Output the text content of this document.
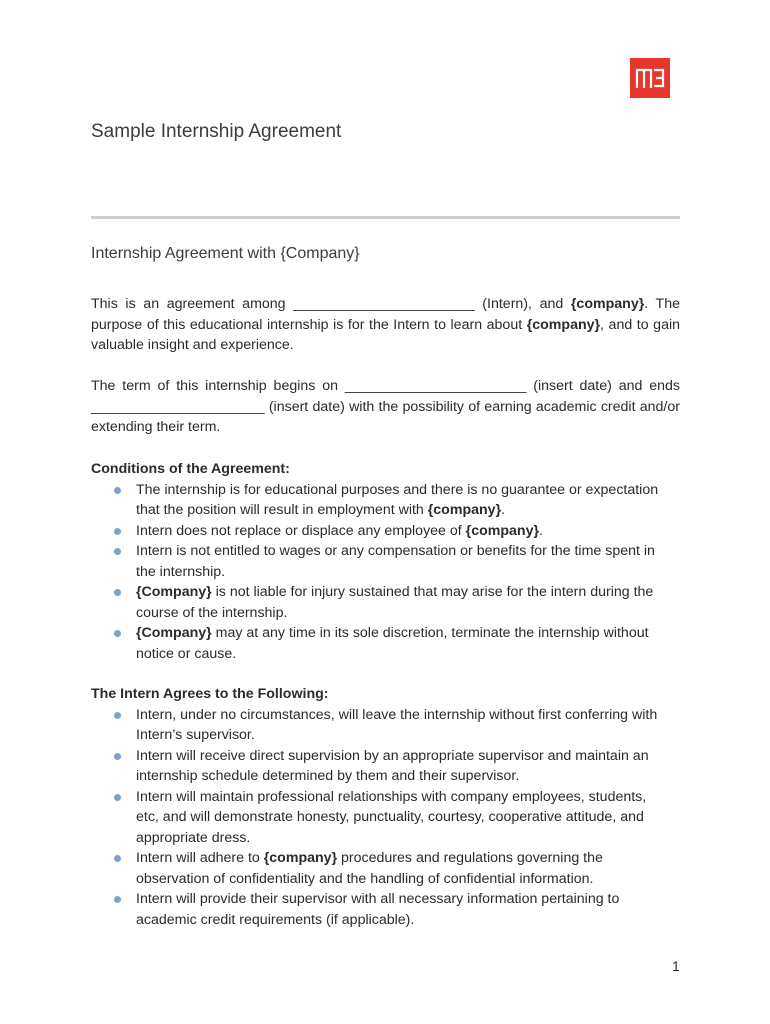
Sample Internship Agreement
Internship Agreement with {Company}

This is an agreement among _______________________ (Intern), and {company}. The purpose of this educational internship is for the Intern to learn about {company}, and to gain valuable insight and experience.

The term of this internship begins on _______________________ (insert date) and ends ______________________ (insert date) with the possibility of earning academic credit and/or extending their term.

Conditions of the Agreement:

The internship is for educational purposes and there is no guarantee or expectation that the position will result in employment with {company}.
Intern does not replace or displace any employee of {company}.
Intern is not entitled to wages or any compensation or benefits for the time spent in the internship.
{Company} is not liable for injury sustained that may arise for the intern during the course of the internship.
{Company} may at any time in its sole discretion, terminate the internship without notice or cause.

The Intern Agrees to the Following:

Intern, under no circumstances, will leave the internship without first conferring with Intern’s supervisor.
Intern will receive direct supervision by an appropriate supervisor and maintain an internship schedule determined by them and their supervisor.
Intern will maintain professional relationships with company employees, students, etc, and will demonstrate honesty, punctuality, courtesy, cooperative attitude, and appropriate dress.
Intern will adhere to {company} procedures and regulations governing the observation of confidentiality and the handling of confidential information.
Intern will provide their supervisor with all necessary information pertaining to academic credit requirements (if applicable).
1
